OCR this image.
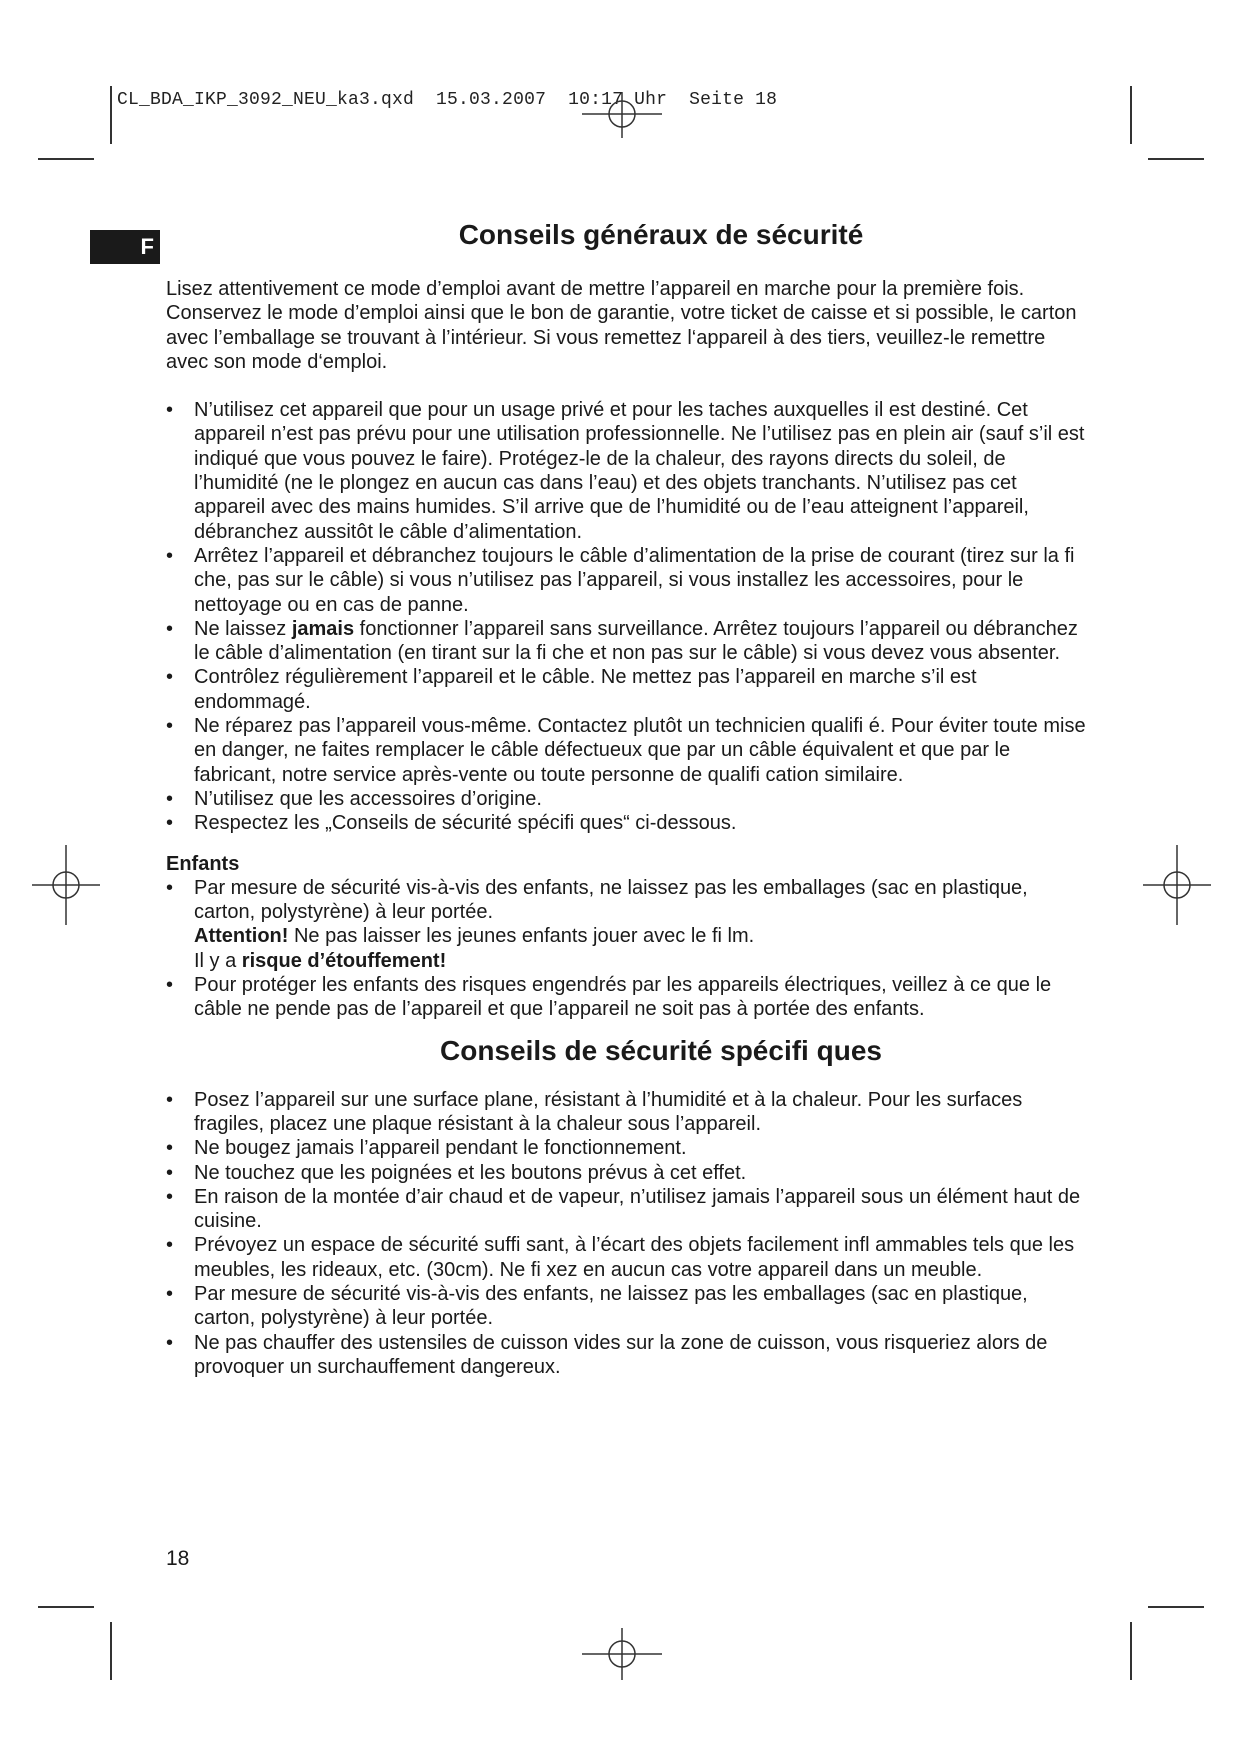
CL_BDA_IKP_3092_NEU_ka3.qxd  15.03.2007  10:17 Uhr  Seite 18
F	Conseils généraux de sécurité

Lisez attentivement ce mode d’emploi avant de mettre l’appareil en marche pour la première fois. Conservez le mode d’emploi ainsi que le bon de garantie, votre ticket de caisse et si possible, le carton avec l’emballage se trouvant à l’intérieur. Si vous remettez l‘appareil à des tiers, veuillez-le remettre avec son mode d‘emploi.

• N’utilisez cet appareil que pour un usage privé et pour les taches auxquelles il est destiné. Cet appareil n’est pas prévu pour une utilisation professionnelle. Ne l’utilisez pas en plein air (sauf s’il est indiqué que vous pouvez le faire). Protégez-le de la chaleur, des rayons directs du soleil, de l’humidité (ne le plongez en aucun cas dans l’eau) et des objets tranchants. N’utilisez pas cet appareil avec des mains humides. S’il arrive que de l’humidité ou de l’eau atteignent l’appareil, débranchez aussitôt le câble d’alimentation.
• Arrêtez l’appareil et débranchez toujours le câble d’alimentation de la prise de courant (tirez sur la fi che, pas sur le câble) si vous n’utilisez pas l’appareil, si vous installez les accessoires, pour le nettoyage ou en cas de panne.
• Ne laissez jamais fonctionner l’appareil sans surveillance. Arrêtez toujours l’appareil ou débranchez le câble d’alimentation (en tirant sur la fi che et non pas sur le câble) si vous devez vous absenter.
• Contrôlez régulièrement l’appareil et le câble. Ne mettez pas l’appareil en marche s’il est endommagé.
• Ne réparez pas l’appareil vous-même. Contactez plutôt un technicien qualifi é. Pour éviter toute mise en danger, ne faites remplacer le câble défectueux que par un câble équivalent et que par le fabricant, notre service après-vente ou toute personne de qualifi cation similaire.
• N’utilisez que les accessoires d’origine.
• Respectez les „Conseils de sécurité spécifi ques“ ci-dessous.
Enfants
• Par mesure de sécurité vis-à-vis des enfants, ne laissez pas les emballages (sac en plastique, carton, polystyrène) à leur portée.
Attention! Ne pas laisser les jeunes enfants jouer avec le fi lm.
Il y a risque d’étouffement!
• Pour protéger les enfants des risques engendrés par les appareils électriques, veillez à ce que le câble ne pende pas de l’appareil et que l’appareil ne soit pas à portée des enfants.
Conseils de sécurité spécifi ques
• Posez l’appareil sur une surface plane, résistant à l’humidité et à la chaleur. Pour les surfaces fragiles, placez une plaque résistant à la chaleur sous l’appareil.
• Ne bougez jamais l’appareil pendant le fonctionnement.
• Ne touchez que les poignées et les boutons prévus à cet effet.
• En raison de la montée d’air chaud et de vapeur, n’utilisez jamais l’appareil sous un élément haut de cuisine.
• Prévoyez un espace de sécurité suffi sant, à l’écart des objets facilement infl ammables tels que les meubles, les rideaux, etc. (30cm). Ne fi xez en aucun cas votre appareil dans un meuble.
• Par mesure de sécurité vis-à-vis des enfants, ne laissez pas les emballages (sac en plastique, carton, polystyrène) à leur portée.
• Ne pas chauffer des ustensiles de cuisson vides sur la zone de cuisson, vous risqueriez alors de provoquer un surchauffement dangereux.
18
